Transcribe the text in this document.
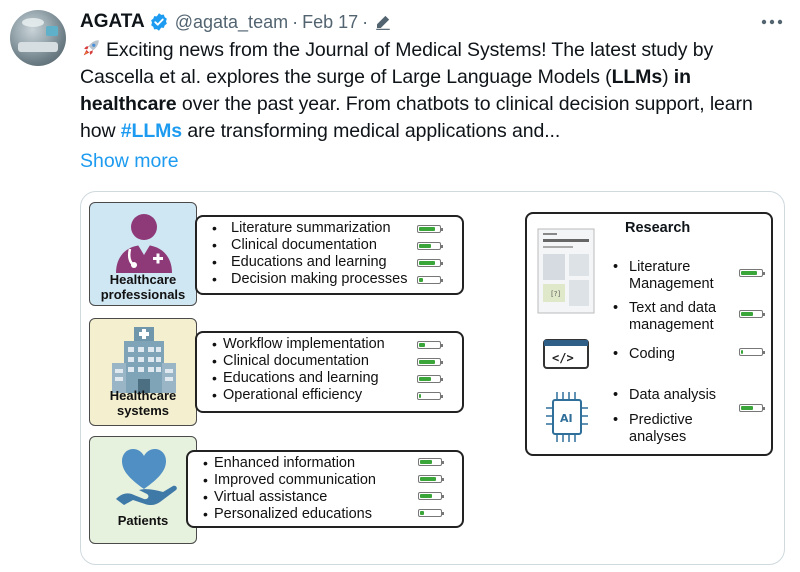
AGATA @agata_team · Feb 17 ·
Exciting news from the Journal of Medical Systems! The latest study by Cascella et al. explores the surge of Large Language Models (LLMs) in healthcare over the past year. From chatbots to clinical decision support, learn how #LLMs are transforming medical applications and...
Show more
Healthcare professionals
• Literature summarization
• Clinical documentation
• Educations and learning
• Decision making processes
Healthcare systems
• Workflow implementation
• Clinical documentation
• Educations and learning
• Operational efficiency
Patients
• Enhanced information
• Improved communication
• Virtual assistance
• Personalized educations
Research
[?]
</>
AI
• Literature Management
• Text and data management
• Coding
• Data analysis
• Predictive analyses
